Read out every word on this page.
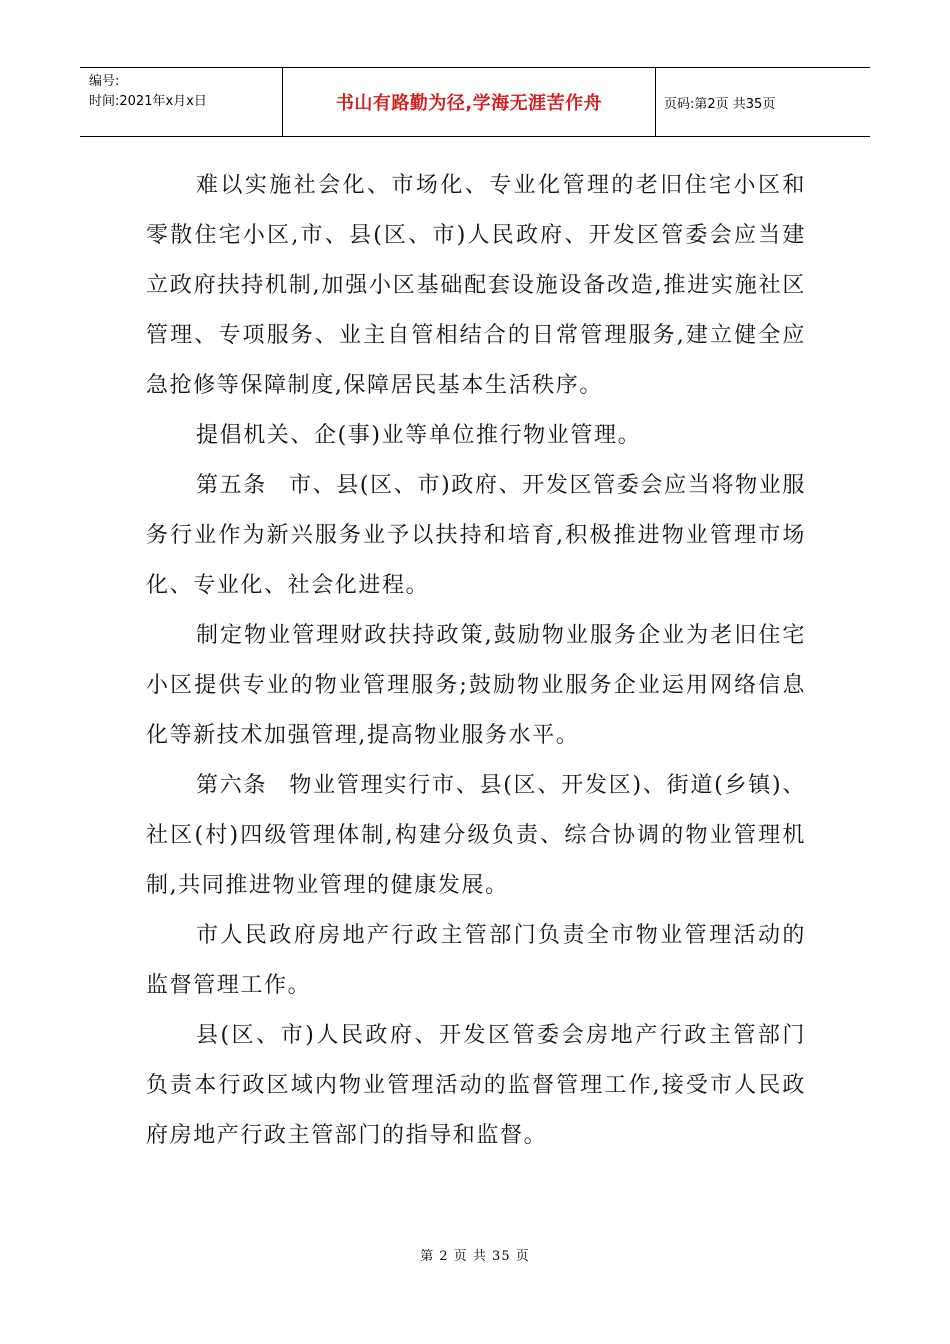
编号:
时间:2021年x月x日	书山有路勤为径,学海无涯苦作舟	页码:第2页 共35页

难以实施社会化、市场化、专业化管理的老旧住宅小区和零散住宅小区,市、县(区、市)人民政府、开发区管委会应当建立政府扶持机制,加强小区基础配套设施设备改造,推进实施社区管理、专项服务、业主自管相结合的日常管理服务,建立健全应急抢修等保障制度,保障居民基本生活秩序。

提倡机关、企(事)业等单位推行物业管理。

第五条 市、县(区、市)政府、开发区管委会应当将物业服务行业作为新兴服务业予以扶持和培育,积极推进物业管理市场化、专业化、社会化进程。

制定物业管理财政扶持政策,鼓励物业服务企业为老旧住宅小区提供专业的物业管理服务;鼓励物业服务企业运用网络信息化等新技术加强管理,提高物业服务水平。

第六条 物业管理实行市、县(区、开发区)、街道(乡镇)、社区(村)四级管理体制,构建分级负责、综合协调的物业管理机制,共同推进物业管理的健康发展。

市人民政府房地产行政主管部门负责全市物业管理活动的监督管理工作。

县(区、市)人民政府、开发区管委会房地产行政主管部门负责本行政区域内物业管理活动的监督管理工作,接受市人民政府房地产行政主管部门的指导和监督。

第 2 页 共 35 页
